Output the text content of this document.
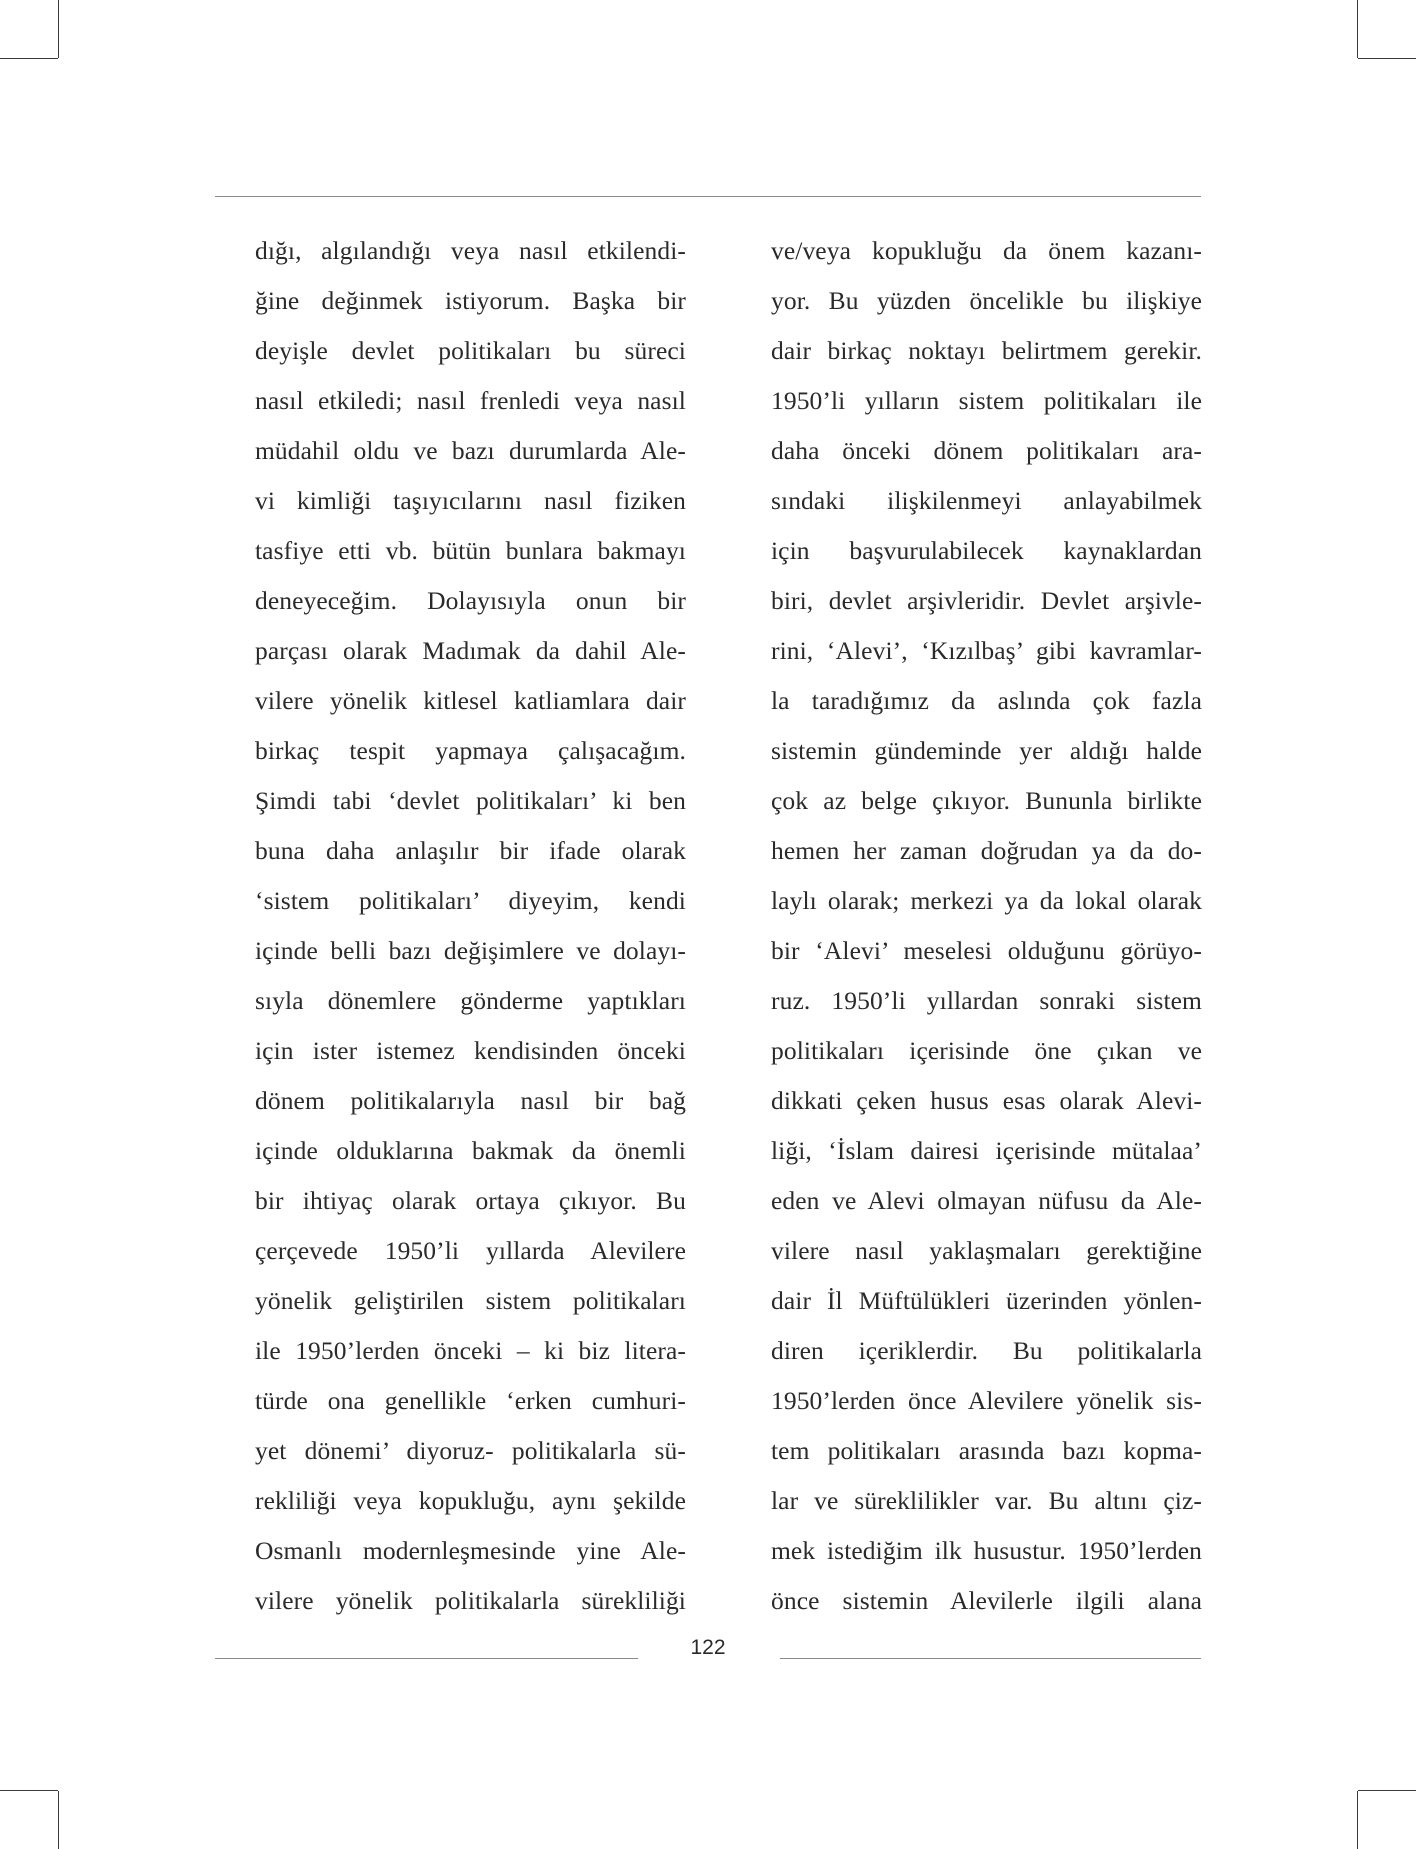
dığı, algılandığı veya nasıl etkilendi-
ğine değinmek istiyorum. Başka bir
deyişle devlet politikaları bu süreci
nasıl etkiledi; nasıl frenledi veya nasıl
müdahil oldu ve bazı durumlarda Ale-
vi kimliği taşıyıcılarını nasıl fiziken
tasfiye etti vb. bütün bunlara bakmayı
deneyeceğim. Dolayısıyla onun bir
parçası olarak Madımak da dahil Ale-
vilere yönelik kitlesel katliamlara dair
birkaç tespit yapmaya çalışacağım.
Şimdi tabi ‘devlet politikaları’ ki ben
buna daha anlaşılır bir ifade olarak
‘sistem politikaları’ diyeyim, kendi
içinde belli bazı değişimlere ve dolayı-
sıyla dönemlere gönderme yaptıkları
için ister istemez kendisinden önceki
dönem politikalarıyla nasıl bir bağ
içinde olduklarına bakmak da önemli
bir ihtiyaç olarak ortaya çıkıyor. Bu
çerçevede 1950’li yıllarda Alevilere
yönelik geliştirilen sistem politikaları
ile 1950’lerden önceki – ki biz litera-
türde ona genellikle ‘erken cumhuri-
yet dönemi’ diyoruz- politikalarla sü-
rekliliği veya kopukluğu, aynı şekilde
Osmanlı modernleşmesinde yine Ale-
vilere yönelik politikalarla sürekliliği
ve/veya kopukluğu da önem kazanı-
yor. Bu yüzden öncelikle bu ilişkiye
dair birkaç noktayı belirtmem gerekir.
1950’li yılların sistem politikaları ile
daha önceki dönem politikaları ara-
sındaki ilişkilenmeyi anlayabilmek
için başvurulabilecek kaynaklardan
biri, devlet arşivleridir. Devlet arşivle-
rini, ‘Alevi’, ‘Kızılbaş’ gibi kavramlar-
la taradığımız da aslında çok fazla
sistemin gündeminde yer aldığı halde
çok az belge çıkıyor. Bununla birlikte
hemen her zaman doğrudan ya da do-
laylı olarak; merkezi ya da lokal olarak
bir ‘Alevi’ meselesi olduğunu görüyo-
ruz. 1950’li yıllardan sonraki sistem
politikaları içerisinde öne çıkan ve
dikkati çeken husus esas olarak Alevi-
liği, ‘İslam dairesi içerisinde mütalaa’
eden ve Alevi olmayan nüfusu da Ale-
vilere nasıl yaklaşmaları gerektiğine
dair İl Müftülükleri üzerinden yönlen-
diren içeriklerdir. Bu politikalarla
1950’lerden önce Alevilere yönelik sis-
tem politikaları arasında bazı kopma-
lar ve süreklilikler var. Bu altını çiz-
mek istediğim ilk husustur. 1950’lerden
önce sistemin Alevilerle ilgili alana
122
